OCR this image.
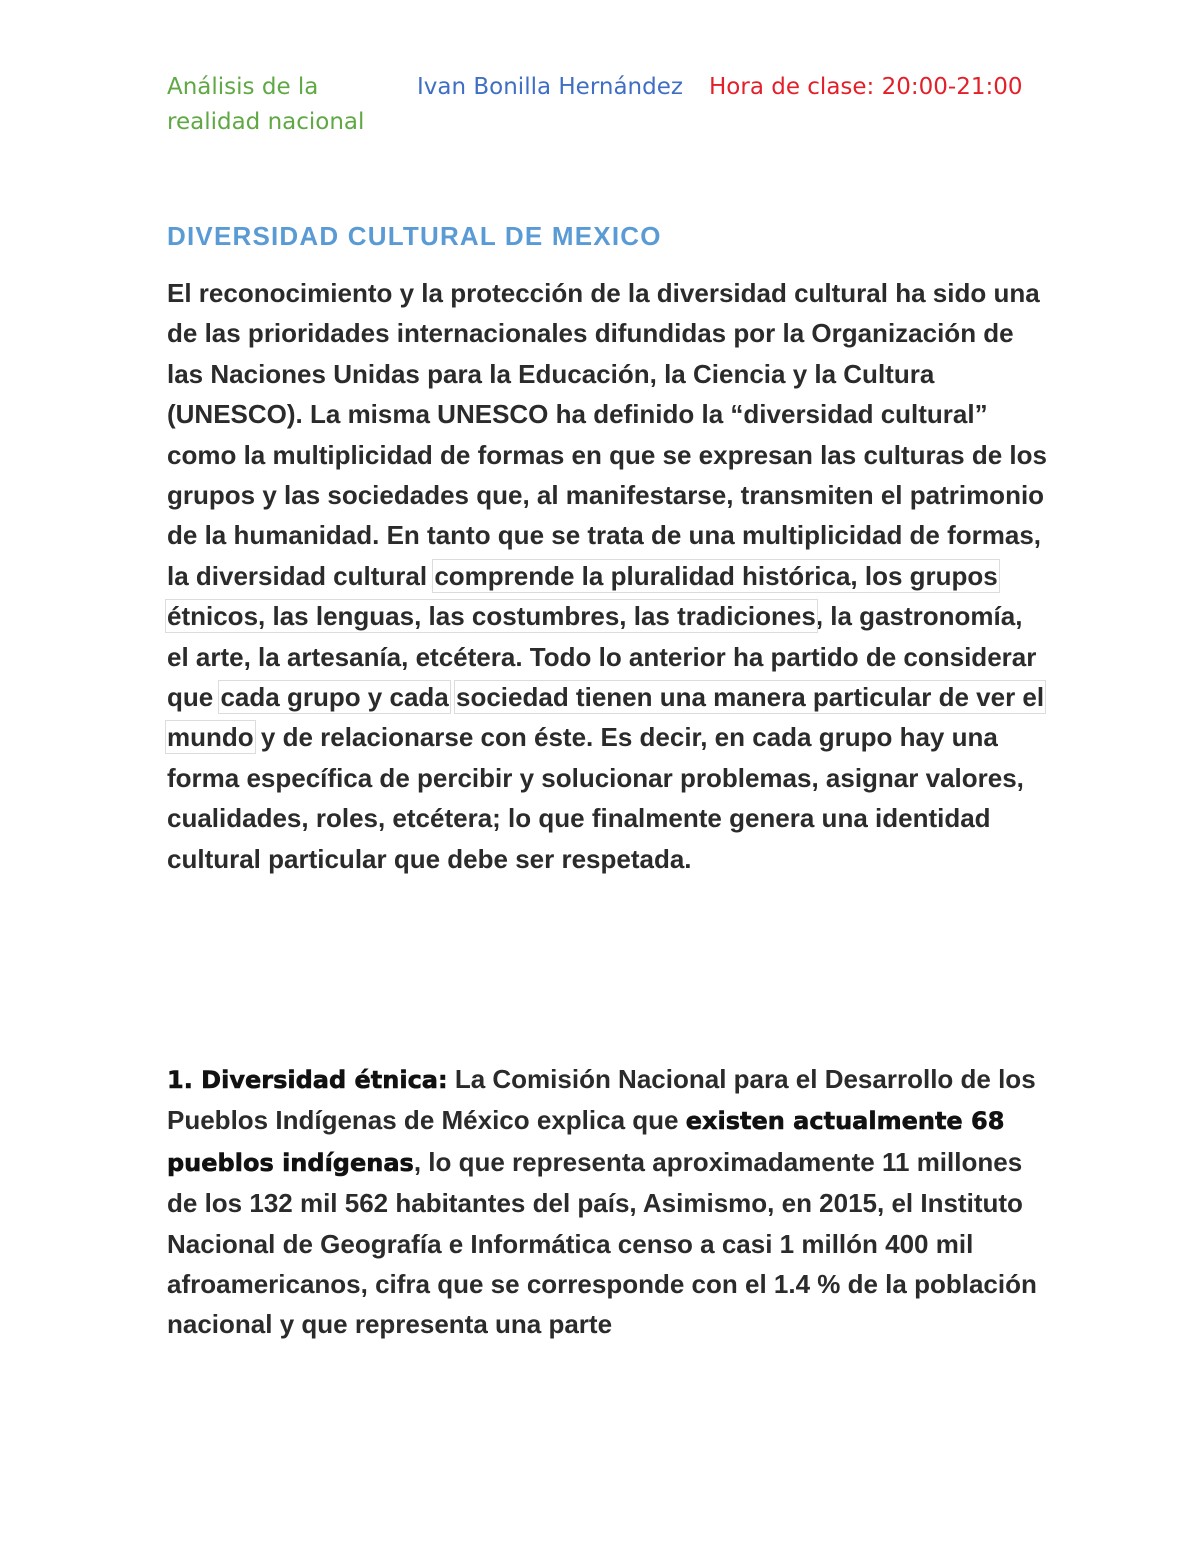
Análisis de la realidad nacional
Ivan Bonilla Hernández Hora de clase: 20:00-21:00
DIVERSIDAD CULTURAL DE MEXICO

El reconocimiento y la protección de la diversidad cultural ha sido una de las prioridades internacionales difundidas por la Organización de las Naciones Unidas para la Educación, la Ciencia y la Cultura (UNESCO). La misma UNESCO ha definido la “diversidad cultural” como la multiplicidad de formas en que se expresan las culturas de los grupos y las sociedades que, al manifestarse, transmiten el patrimonio de la humanidad. En tanto que se trata de una multiplicidad de formas, la diversidad cultural comprende la pluralidad histórica, los grupos étnicos, las lenguas, las costumbres, las tradiciones, la gastronomía, el arte, la artesanía, etcétera. Todo lo anterior ha partido de considerar que cada grupo y cada sociedad tienen una manera particular de ver el mundo y de relacionarse con éste. Es decir, en cada grupo hay una forma específica de percibir y solucionar problemas, asignar valores, cualidades, roles, etcétera; lo que finalmente genera una identidad cultural particular que debe ser respetada.

1. Diversidad étnica: La Comisión Nacional para el Desarrollo de los Pueblos Indígenas de México explica que existen actualmente 68 pueblos indígenas, lo que representa aproximadamente 11 millones de los 132 mil 562 habitantes del país, Asimismo, en 2015, el Instituto Nacional de Geografía e Informática censo a casi 1 millón 400 mil afroamericanos, cifra que se corresponde con el 1.4 % de la población nacional y que representa una parte
